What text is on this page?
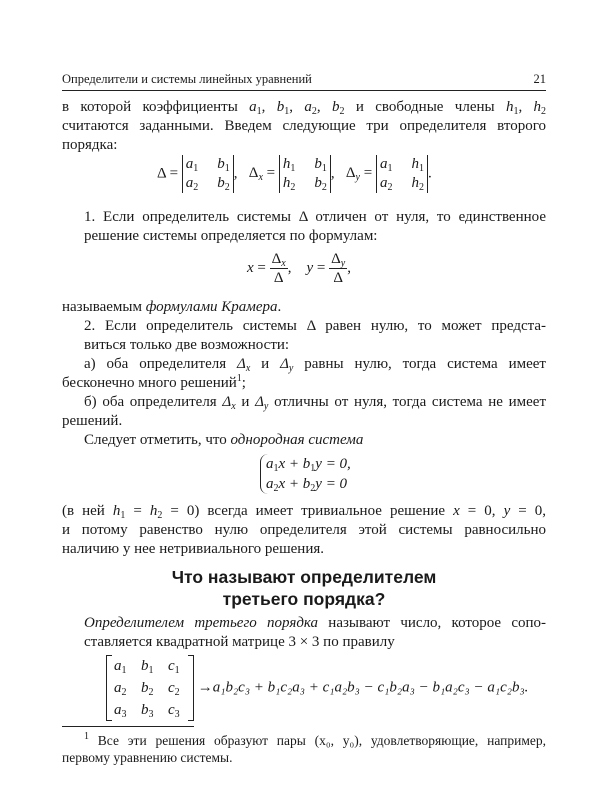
Определители и системы линейных уравнений	21
в которой коэффициенты $a_1$, $b_1$, $a_2$, $b_2$ и свободные члены $h_1$, $h_2$
считаются заданными. Введем следующие три определителя второго
порядка:
Δ =
$a_1$ $b_1$
$a_2$ $b_2$
, $\Delta_x$ =
$h_1$ $b_1$
$h_2$ $b_2$
, $\Delta_y$ =
$a_1$ $h_1$
$a_2$ $h_2$
.
1. Если определитель системы Δ отличен от нуля, то единственное
решение системы определяется по формулам:
$x = \frac{\Delta_x}{\Delta}$ , $y = \frac{\Delta_y}{\Delta}$ ,
называемым формулами Крамера.
2. Если определитель системы Δ равен нулю, то может предста-
виться только две возможности:
а) оба определителя $\Delta_x$ и $\Delta_y$ равны нулю, тогда система имеет
бесконечно много решений$^1$;
б) оба определителя $\Delta_x$ и $\Delta_y$ отличны от нуля, тогда система не имеет
решений.
Следует отметить, что однородная система
$a_1x + b_1y = 0$,
$a_2x + b_2y = 0$
(в ней $h_1 = h_2 = 0$) всегда имеет тривиальное решение x = 0, y = 0,
и потому равенство нулю определителя этой системы равносильно
наличию у нее нетривиального решения.
Что называют определителем
третьего порядка?
Определителем третьего порядка называют число, которое сопо-
ставляется квадратной матрице 3 × 3 по правилу
$a_1$ $b_1$ $c_1$
$a_2$ $b_2$ $c_2$
$a_3$ $b_3$ $c_3$
→a₁b₂c₃ + b₁c₂a₃ + c₁a₂b₃ − c₁b₂a₃ − b₁a₂c₃ − a₁c₂b₃.
$^1$ Все эти решения образуют пары (x₀, y₀), удовлетворяющие, например,
первому уравнению системы.
